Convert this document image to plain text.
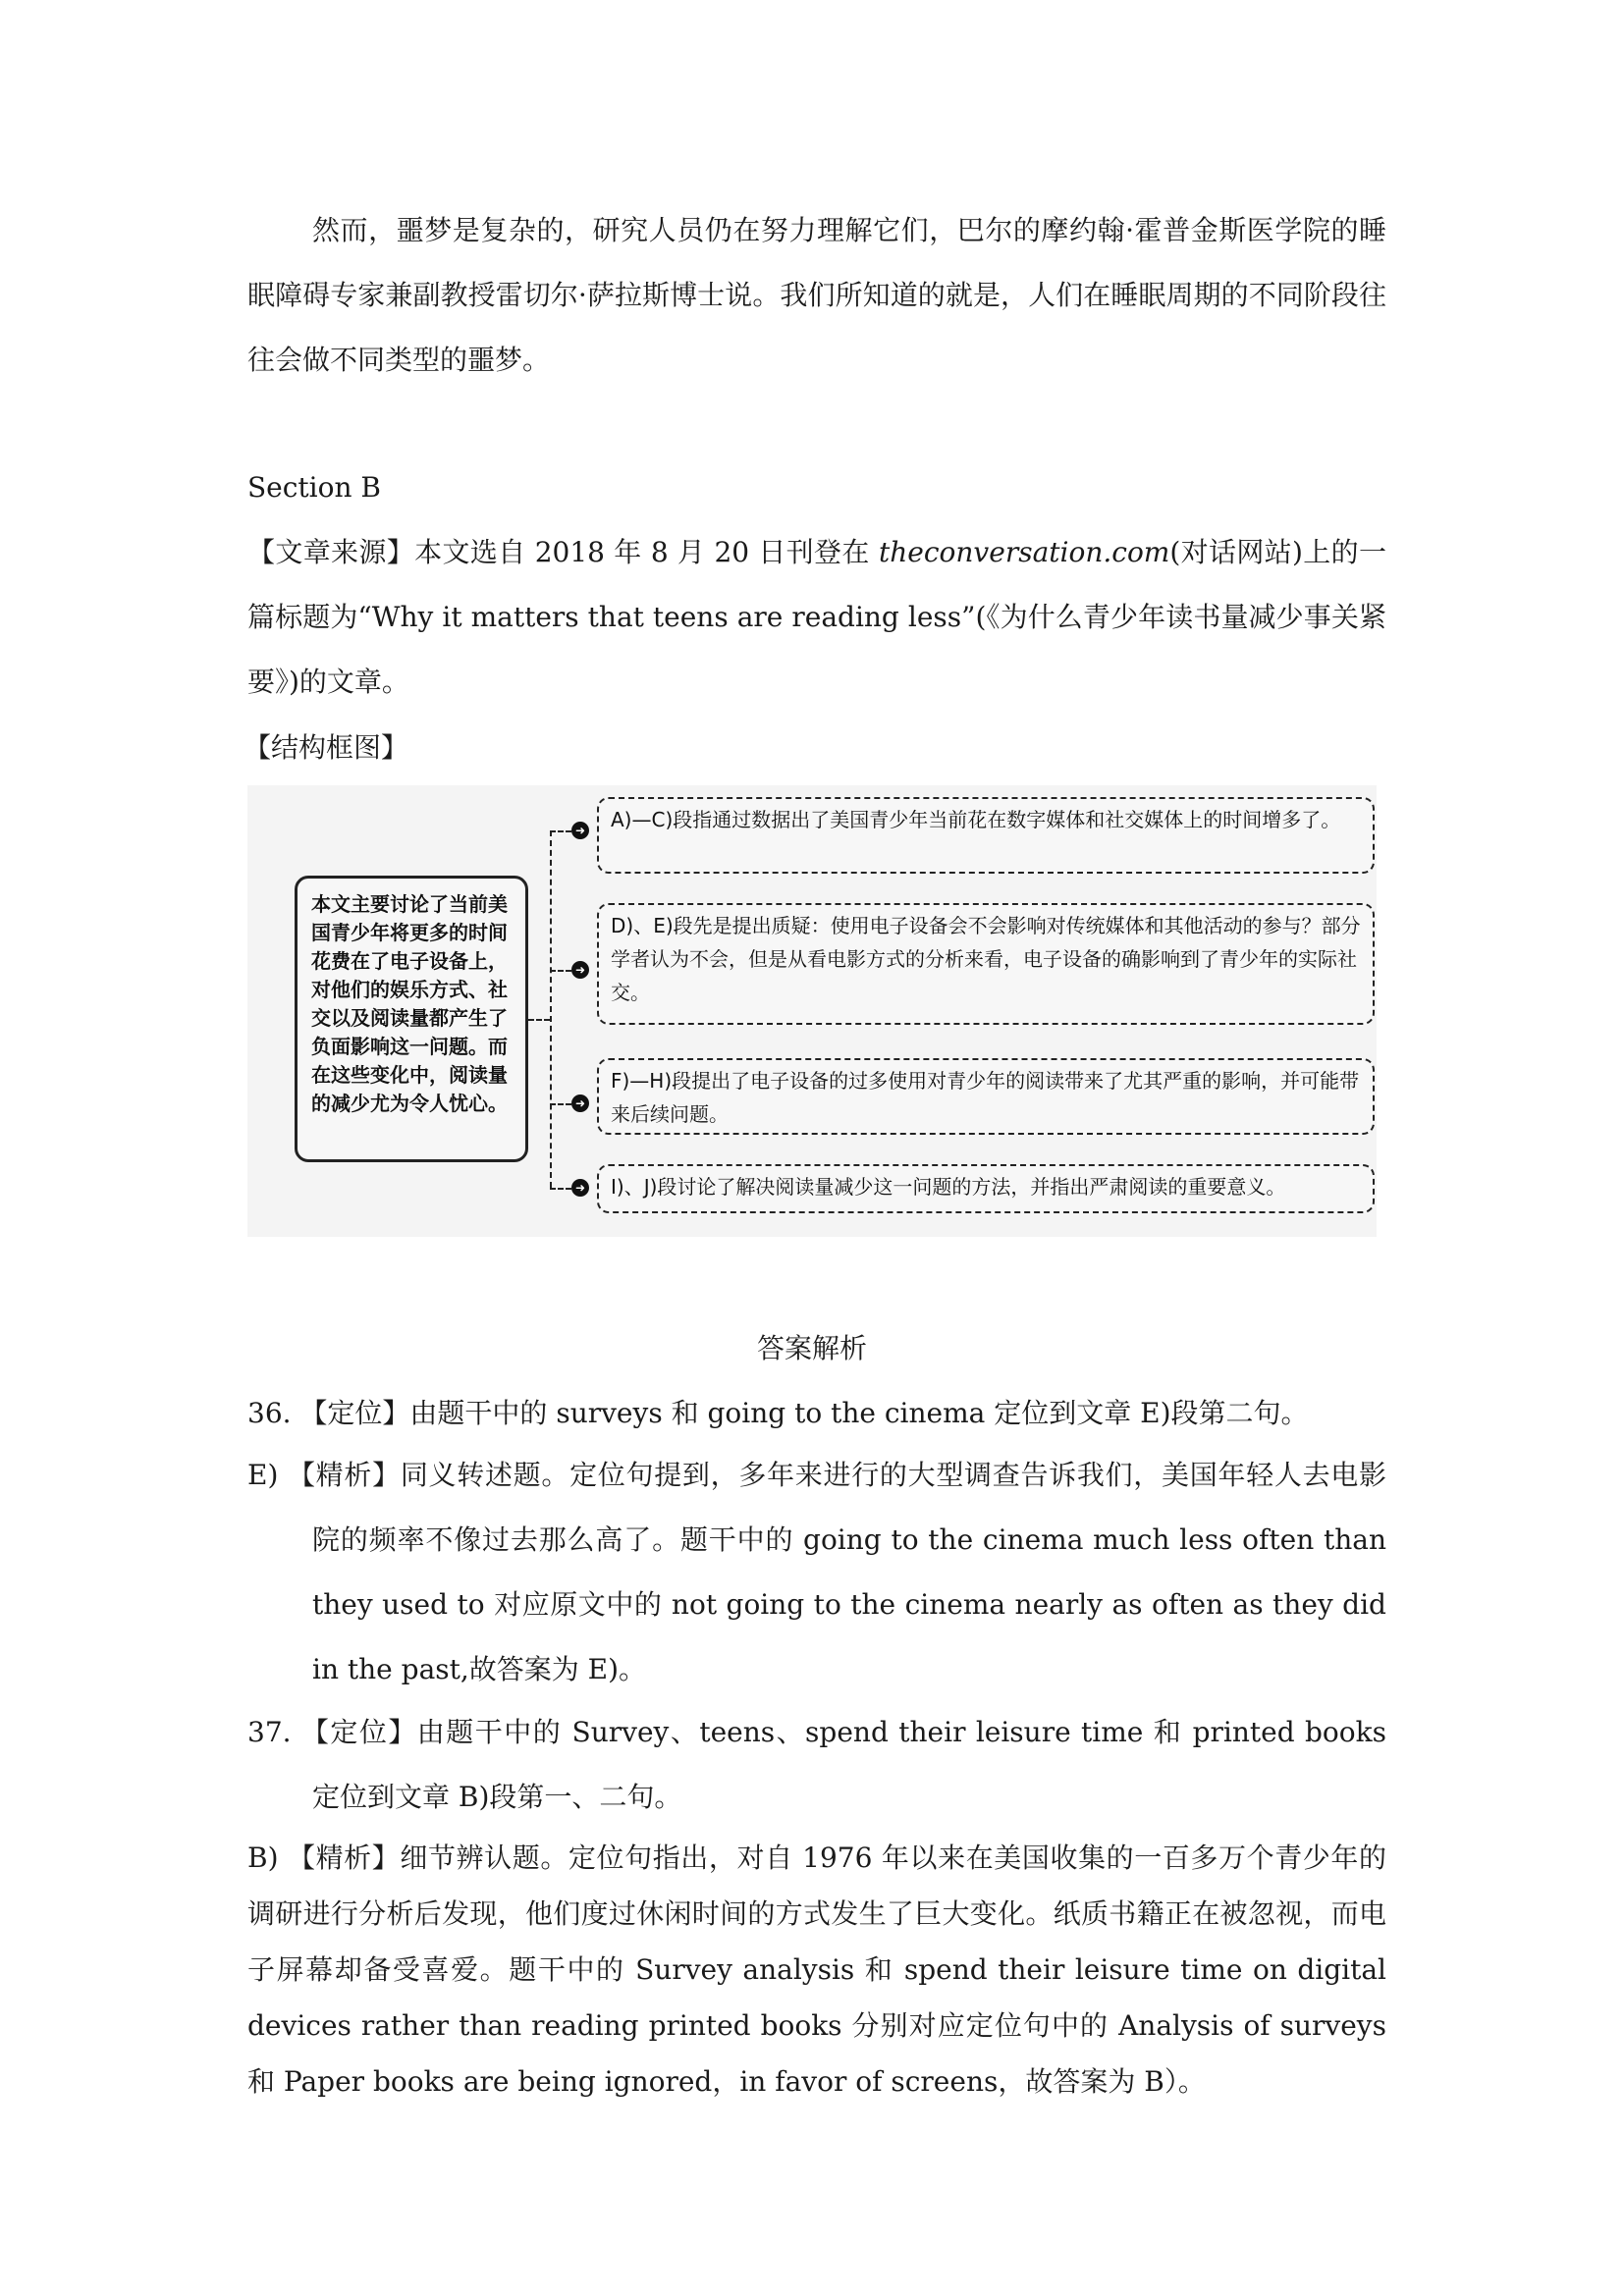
然而，噩梦是复杂的，研究人员仍在努力理解它们，巴尔的摩约翰·霍普金斯医学院的睡眠障碍专家兼副教授雷切尔·萨拉斯博士说。我们所知道的就是，人们在睡眠周期的不同阶段往往会做不同类型的噩梦。
Section B
【文章来源】本文选自 2018 年 8 月 20 日刊登在 theconversation.com(对话网站)上的一篇标题为“Why it matters that teens are reading less”(《为什么青少年读书量减少事关紧要》)的文章。
【结构框图】
本文主要讨论了当前美国青少年将更多的时间花费在了电子设备上，对他们的娱乐方式、社交以及阅读量都产生了负面影响这一问题。而在这些变化中，阅读量的减少尤为令人忧心。
➜
➜
➜
➜
A)—C)段指通过数据出了美国青少年当前花在数字媒体和社交媒体上的时间增多了。
D)、E)段先是提出质疑：使用电子设备会不会影响对传统媒体和其他活动的参与？部分学者认为不会，但是从看电影方式的分析来看，电子设备的确影响到了青少年的实际社交。
F)—H)段提出了电子设备的过多使用对青少年的阅读带来了尤其严重的影响，并可能带来后续问题。
I)、J)段讨论了解决阅读量减少这一问题的方法，并指出严肃阅读的重要意义。
答案解析
36. 【定位】由题干中的 surveys 和 going to the cinema 定位到文章 E)段第二句。
E) 【精析】同义转述题。定位句提到，多年来进行的大型调查告诉我们，美国年轻人去电影院的频率不像过去那么高了。题干中的 going to the cinema much less often than they used to 对应原文中的 not going to the cinema nearly as often as they did in the past,故答案为 E)。
37. 【定位】由题干中的 Survey、teens、spend their leisure time 和 printed books 定位到文章 B)段第一、二句。
B) 【精析】细节辨认题。定位句指出，对自 1976 年以来在美国收集的一百多万个青少年的调研进行分析后发现，他们度过休闲时间的方式发生了巨大变化。纸质书籍正在被忽视，而电子屏幕却备受喜爱。题干中的 Survey analysis 和 spend their leisure time on digital devices rather than reading printed books 分别对应定位句中的 Analysis of surveys 和 Paper books are being ignored，in favor of screens，故答案为 B）。
